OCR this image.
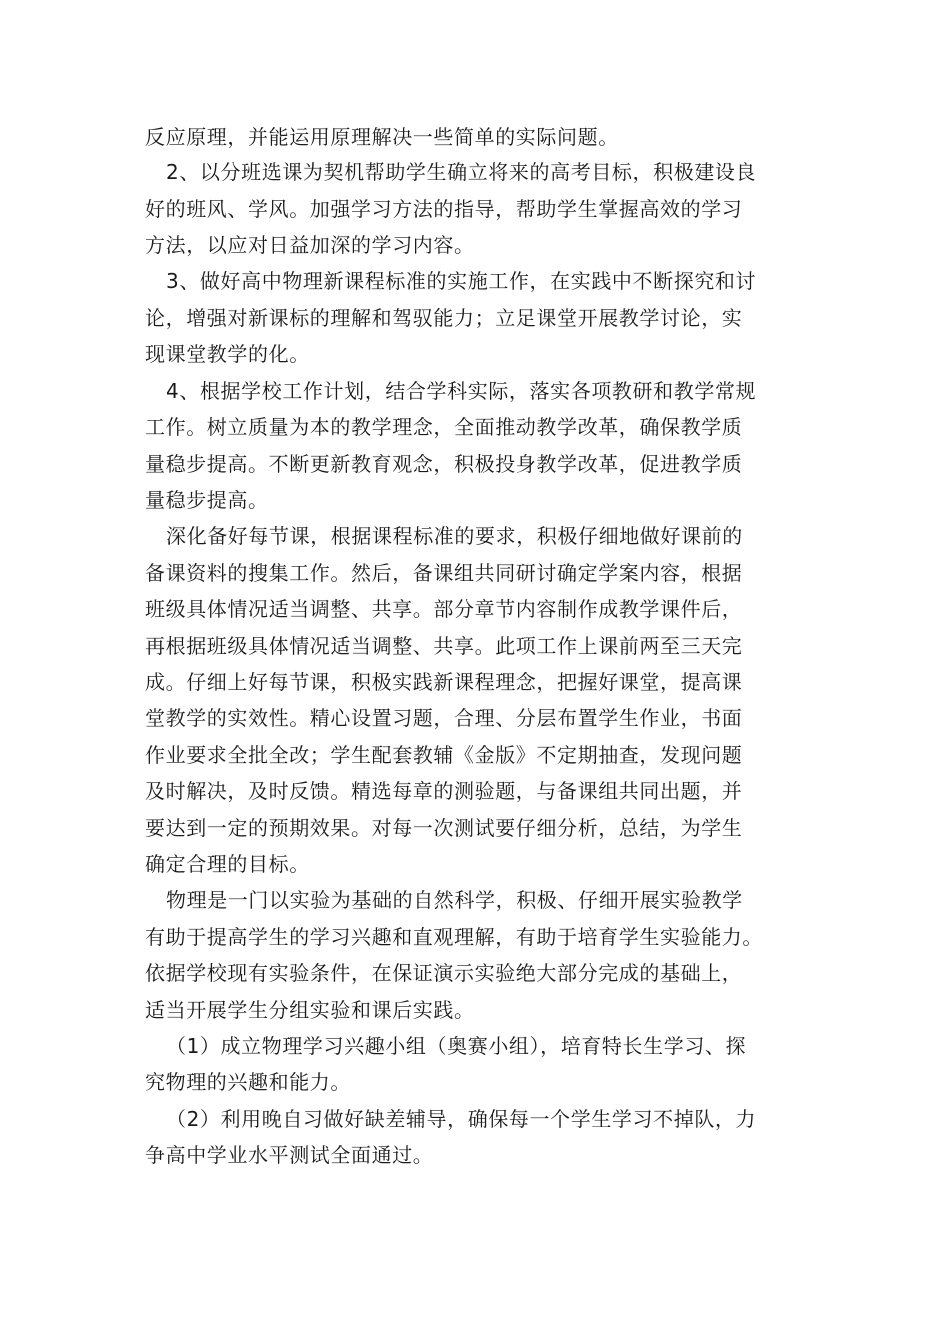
反应原理，并能运用原理解决一些简单的实际问题。
2、以分班选课为契机帮助学生确立将来的高考目标，积极建设良
好的班风、学风。加强学习方法的指导，帮助学生掌握高效的学习
方法，以应对日益加深的学习内容。
3、做好高中物理新课程标准的实施工作，在实践中不断探究和讨
论，增强对新课标的理解和驾驭能力；立足课堂开展教学讨论，实
现课堂教学的化。
4、根据学校工作计划，结合学科实际，落实各项教研和教学常规
工作。树立质量为本的教学理念，全面推动教学改革，确保教学质
量稳步提高。不断更新教育观念，积极投身教学改革，促进教学质
量稳步提高。
深化备好每节课，根据课程标准的要求，积极仔细地做好课前的
备课资料的搜集工作。然后，备课组共同研讨确定学案内容，根据
班级具体情况适当调整、共享。部分章节内容制作成教学课件后，
再根据班级具体情况适当调整、共享。此项工作上课前两至三天完
成。仔细上好每节课，积极实践新课程理念，把握好课堂，提高课
堂教学的实效性。精心设置习题，合理、分层布置学生作业，书面
作业要求全批全改；学生配套教辅《金版》不定期抽查，发现问题
及时解决，及时反馈。精选每章的测验题，与备课组共同出题，并
要达到一定的预期效果。对每一次测试要仔细分析，总结，为学生
确定合理的目标。
物理是一门以实验为基础的自然科学，积极、仔细开展实验教学
有助于提高学生的学习兴趣和直观理解，有助于培育学生实验能力。
依据学校现有实验条件，在保证演示实验绝大部分完成的基础上，
适当开展学生分组实验和课后实践。
（1）成立物理学习兴趣小组（奥赛小组），培育特长生学习、探
究物理的兴趣和能力。
（2）利用晚自习做好缺差辅导，确保每一个学生学习不掉队，力
争高中学业水平测试全面通过。
